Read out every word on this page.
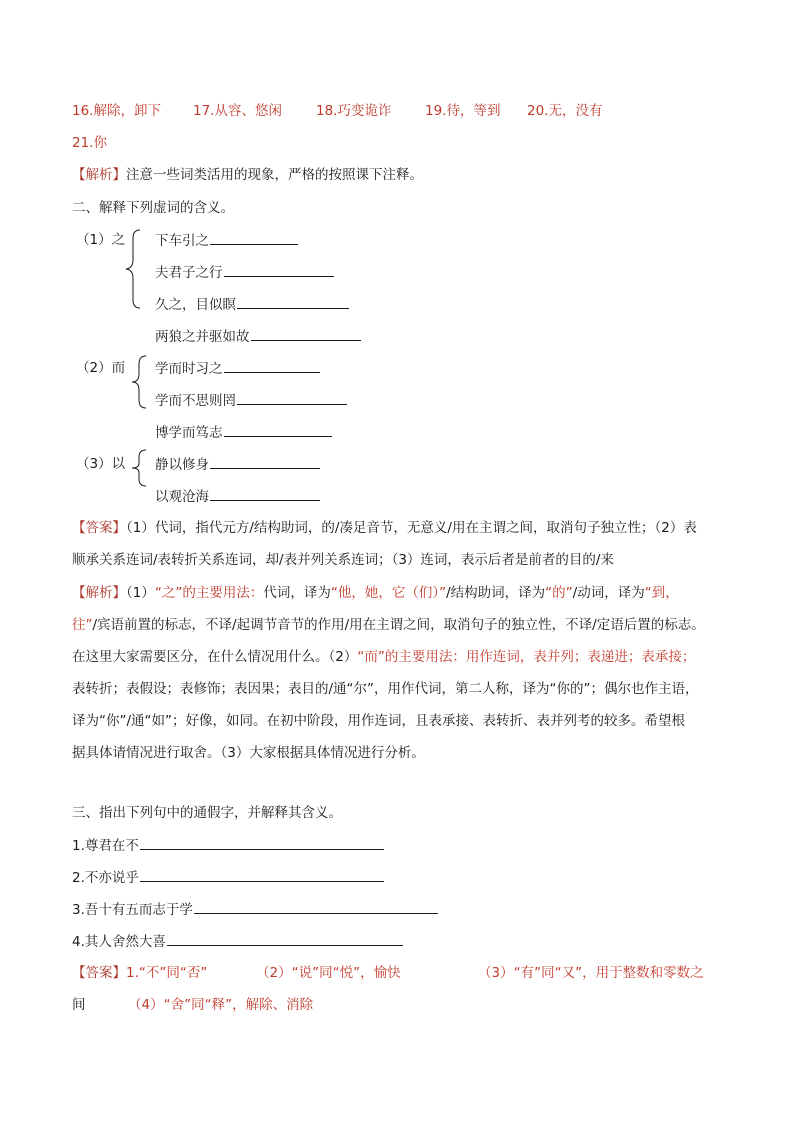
16.解除，卸下 17.从容、悠闲	18.巧变诡诈 19.待，等到 20.无，没有
21.你
【解析】注意一些词类活用的现象，严格的按照课下注释。
二、解释下列虚词的含义。
（1）之 下车引之
夫君子之行
久之，目似瞑
两狼之并驱如故
（2）而 学而时习之
学而不思则罔
博学而笃志
（3）以 静以修身
以观沧海
【答案】（1）代词，指代元方/结构助词，的/凑足音节，无意义/用在主谓之间，取消句子独立性；（2）表
顺承关系连词/表转折关系连词，却/表并列关系连词；（3）连词，表示后者是前者的目的/来
【解析】（1）“之”的主要用法：代词，译为“他，她，它（们）”/结构助词，译为“的”/动词，译为“到，
往”/宾语前置的标志，不译/起调节音节的作用/用在主谓之间，取消句子的独立性，不译/定语后置的标志。
在这里大家需要区分，在什么情况用什么。（2）“而”的主要用法：用作连词，表并列；表递进；表承接；
表转折；表假设；表修饰；表因果；表目的/通“尔”，用作代词，第二人称，译为“你的”；偶尔也作主语，
译为“你”/通“如”；好像，如同。在初中阶段，用作连词，且表承接、表转折、表并列考的较多。希望根
据具体请情况进行取舍。（3）大家根据具体情况进行分析。
三、指出下列句中的通假字，并解释其含义。
1.尊君在不
2.不亦说乎
3.吾十有五而志于学
4.其人舍然大喜
【答案】1.“不”同“否”	（2）“说”同“悦”，愉快	（3）“有”同“又”，用于整数和零数之
间	（4）“舍”同“释”，解除、消除
